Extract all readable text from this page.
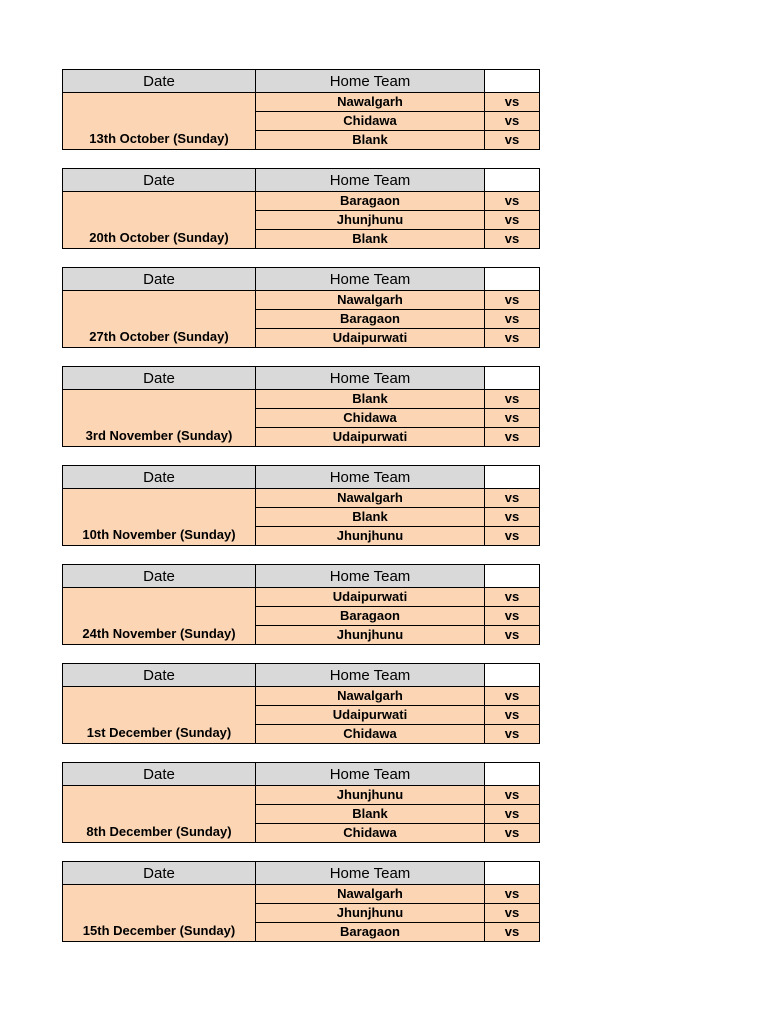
Date	Home Team	
13th October (Sunday)	Nawalgarh	vs
	Chidawa	vs
	Blank	vs
Date	Home Team	
20th October (Sunday)	Baragaon	vs
	Jhunjhunu	vs
	Blank	vs
Date	Home Team	
27th October (Sunday)	Nawalgarh	vs
	Baragaon	vs
	Udaipurwati	vs
Date	Home Team	
3rd November (Sunday)	Blank	vs
	Chidawa	vs
	Udaipurwati	vs
Date	Home Team	
10th November (Sunday)	Nawalgarh	vs
	Blank	vs
	Jhunjhunu	vs
Date	Home Team	
24th November (Sunday)	Udaipurwati	vs
	Baragaon	vs
	Jhunjhunu	vs
Date	Home Team	
1st December (Sunday)	Nawalgarh	vs
	Udaipurwati	vs
	Chidawa	vs
Date	Home Team	
8th December (Sunday)	Jhunjhunu	vs
	Blank	vs
	Chidawa	vs
Date	Home Team	
15th December (Sunday)	Nawalgarh	vs
	Jhunjhunu	vs
	Baragaon	vs
